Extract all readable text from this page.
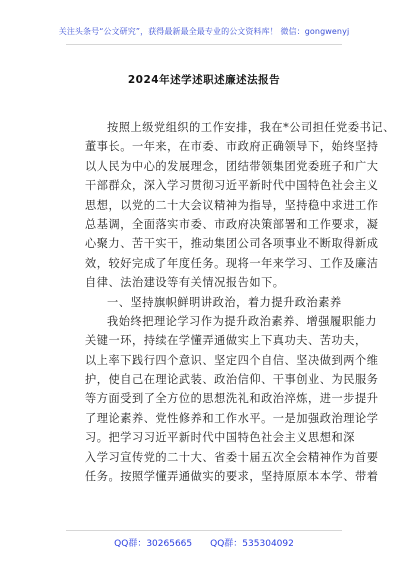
关注头条号“公文研究”，获得最新最全最专业的公文资料库！ 微信：gongwenyj
2024年述学述职述廉述法报告
按照上级党组织的工作安排，我在*公司担任党委书记、
董事长。一年来，在市委、市政府正确领导下，始终坚持
以人民为中心的发展理念，团结带领集团党委班子和广大
干部群众，深入学习贯彻习近平新时代中国特色社会主义
思想，以党的二十大会议精神为指导，坚持稳中求进工作
总基调，全面落实市委、市政府决策部署和工作要求，凝
心聚力、苦干实干，推动集团公司各项事业不断取得新成
效，较好完成了年度任务。现将一年来学习、工作及廉洁
自律、法治建设等有关情况报告如下。
一、坚持旗帜鲜明讲政治，着力提升政治素养
我始终把理论学习作为提升政治素养、增强履职能力
关键一环，持续在学懂弄通做实上下真功夫、苦功夫，
以上率下践行四个意识、坚定四个自信、坚决做到两个维
护，使自己在理论武装、政治信仰、干事创业、为民服务
等方面受到了全方位的思想洗礼和政治淬炼，进一步提升
了理论素养、党性修养和工作水平。一是加强政治理论学
习。把学习习近平新时代中国特色社会主义思想和深
入学习宣传党的二十大、省委十届五次全会精神作为首要
任务。按照学懂弄通做实的要求，坚持原原本本学、带着
QQ群：30265665 QQ群：535304092
